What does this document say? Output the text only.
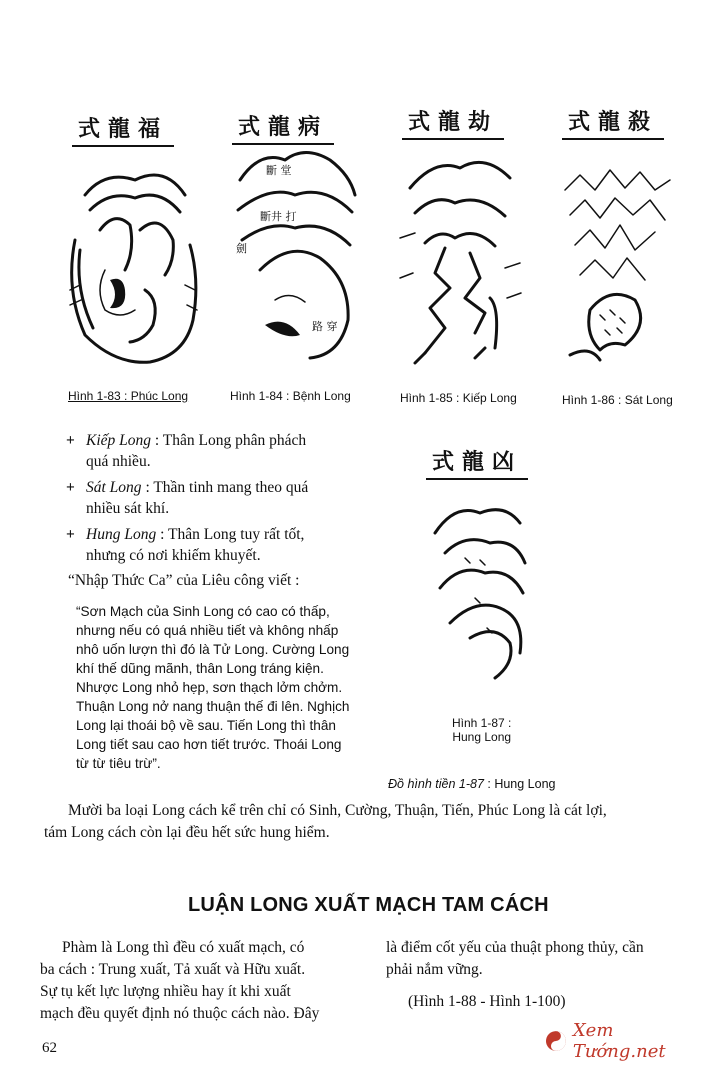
式龍福	式龍病	式龍劫	式龍殺
式龍凶
斷 堂
斷井 打
劍
路 穿
Hình 1-83 : Phúc Long	Hình 1-84 : Bệnh Long	Hình 1-85 : Kiếp Long	Hình 1-86 : Sát Long
+ Kiếp Long : Thân Long phân phách
quá nhiều.
+ Sát Long : Thần tinh mang theo quá
nhiều sát khí.
+ Hung Long : Thân Long tuy rất tốt,
nhưng có nơi khiếm khuyết.
“Nhập Thức Ca” của Liêu công viết :
“Sơn Mạch của Sinh Long có cao có thấp,
nhưng nếu có quá nhiều tiết và không nhấp
nhô uốn lượn thì đó là Tử Long. Cường Long
khí thế dũng mãnh, thân Long tráng kiện.
Nhược Long nhỏ hẹp, sơn thạch lởm chởm.
Thuận Long nở nang thuận thế đi lên. Nghịch
Long lại thoái bộ về sau. Tiến Long thì thân
Long tiết sau cao hơn tiết trước. Thoái Long
từ từ tiêu trừ”.
Hình 1-87 :
Hung Long
Đồ hình tiền 1-87 : Hung Long
Mười ba loại Long cách kể trên chỉ có Sinh, Cường, Thuận, Tiến, Phúc Long là cát lợi,
tám Long cách còn lại đều hết sức hung hiểm.
LUẬN LONG XUẤT MẠCH TAM CÁCH
Phàm là Long thì đều có xuất mạch, có
ba cách : Trung xuất, Tả xuất và Hữu xuất.
Sự tụ kết lực lượng nhiều hay ít khi xuất
mạch đều quyết định nó thuộc cách nào. Đây
là điểm cốt yếu của thuật phong thủy, cần
phải nắm vững.
(Hình 1-88 - Hình 1-100)
Xem Tướng.net
62
